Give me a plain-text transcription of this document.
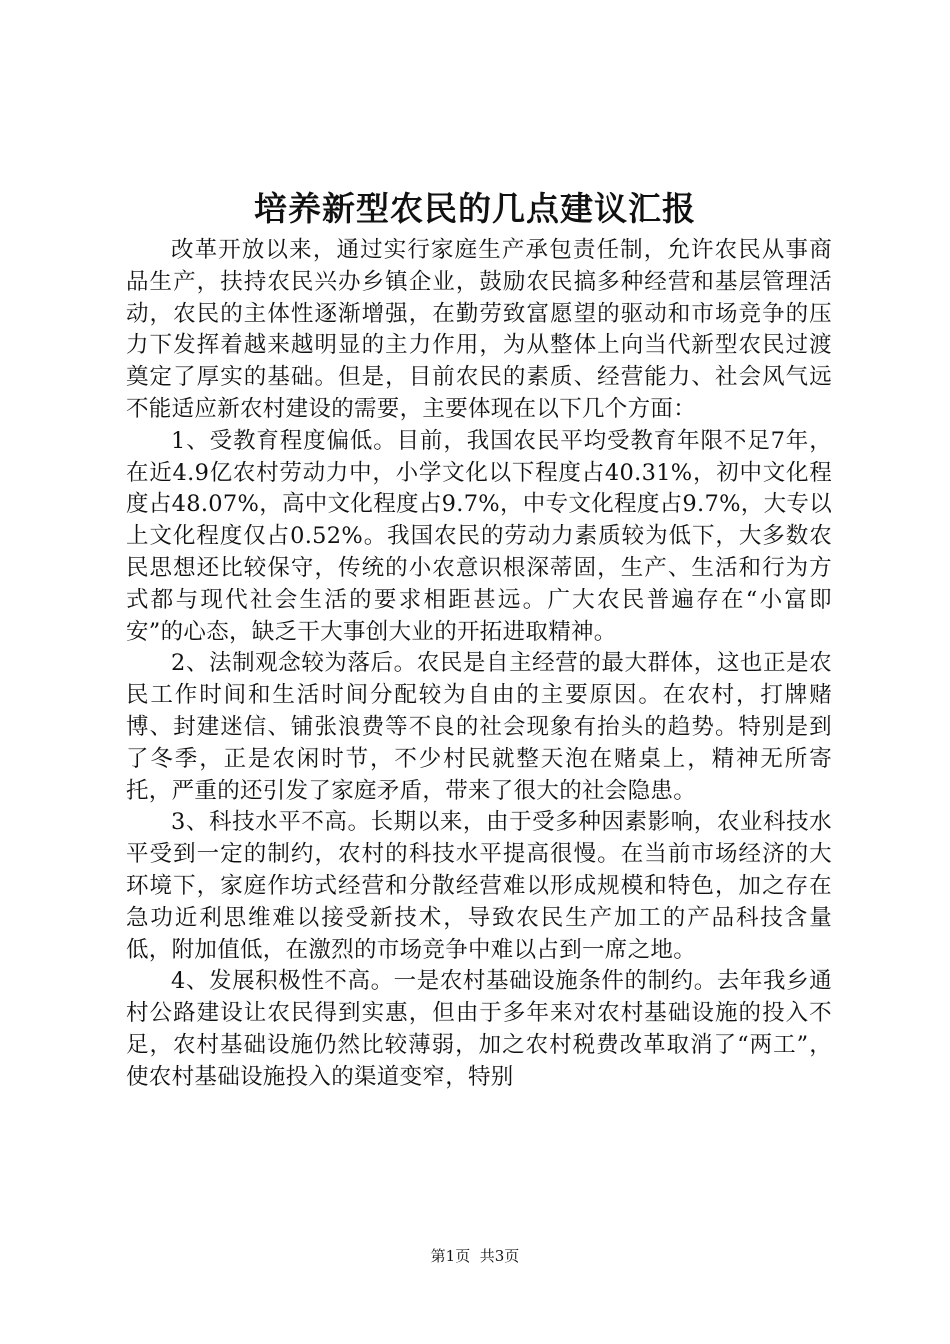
培养新型农民的几点建议汇报

改革开放以来，通过实行家庭生产承包责任制，允许农民从事商品生产，扶持农民兴办乡镇企业，鼓励农民搞多种经营和基层管理活动，农民的主体性逐渐增强，在勤劳致富愿望的驱动和市场竞争的压力下发挥着越来越明显的主力作用，为从整体上向当代新型农民过渡奠定了厚实的基础。但是，目前农民的素质、经营能力、社会风气远不能适应新农村建设的需要，主要体现在以下几个方面：

1、受教育程度偏低。目前，我国农民平均受教育年限不足7年，在近4.9亿农村劳动力中，小学文化以下程度占40.31%，初中文化程度占48.07%，高中文化程度占9.7%，中专文化程度占9.7%，大专以上文化程度仅占0.52%。我国农民的劳动力素质较为低下，大多数农民思想还比较保守，传统的小农意识根深蒂固，生产、生活和行为方式都与现代社会生活的要求相距甚远。广大农民普遍存在“小富即安”的心态，缺乏干大事创大业的开拓进取精神。

2、法制观念较为落后。农民是自主经营的最大群体，这也正是农民工作时间和生活时间分配较为自由的主要原因。在农村，打牌赌博、封建迷信、铺张浪费等不良的社会现象有抬头的趋势。特别是到了冬季，正是农闲时节，不少村民就整天泡在赌桌上，精神无所寄托，严重的还引发了家庭矛盾，带来了很大的社会隐患。

3、科技水平不高。长期以来，由于受多种因素影响，农业科技水平受到一定的制约，农村的科技水平提高很慢。在当前市场经济的大环境下，家庭作坊式经营和分散经营难以形成规模和特色，加之存在急功近利思维难以接受新技术，导致农民生产加工的产品科技含量低，附加值低，在激烈的市场竞争中难以占到一席之地。

4、发展积极性不高。一是农村基础设施条件的制约。去年我乡通村公路建设让农民得到实惠，但由于多年来对农村基础设施的投入不足，农村基础设施仍然比较薄弱，加之农村税费改革取消了“两工”，使农村基础设施投入的渠道变窄，特别

第1页 共3页
